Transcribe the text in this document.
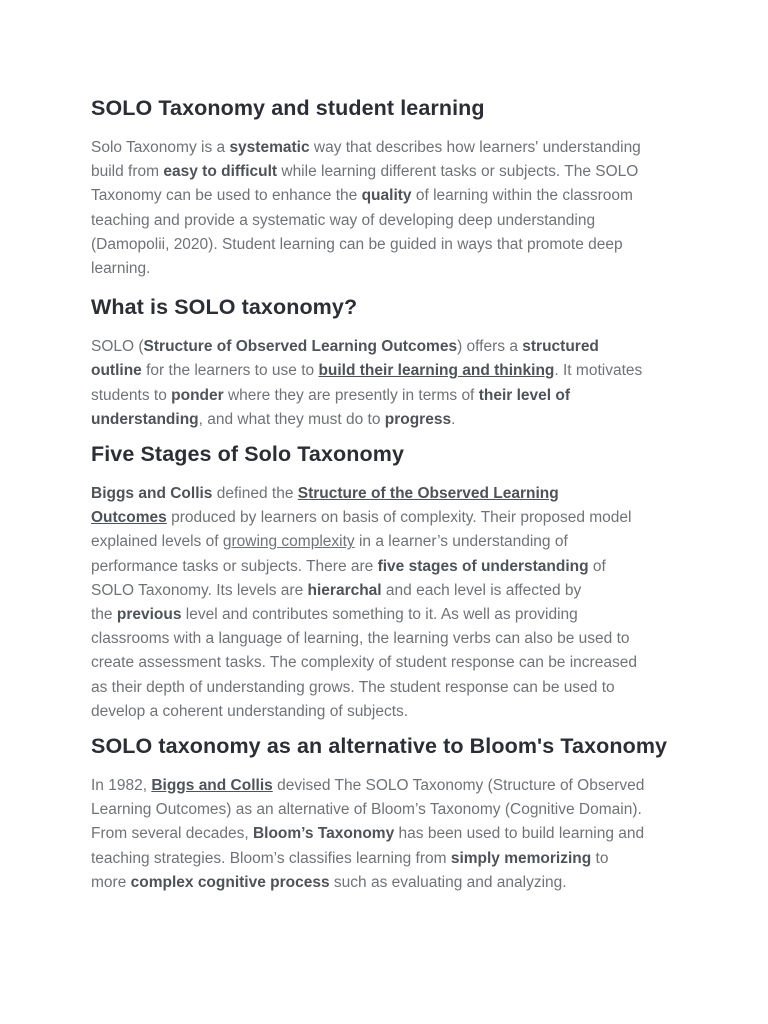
SOLO Taxonomy and student learning

Solo Taxonomy is a systematic way that describes how learners' understanding
build from easy to difficult while learning different tasks or subjects. The SOLO
Taxonomy can be used to enhance the quality of learning within the classroom
teaching and provide a systematic way of developing deep understanding
(Damopolii, 2020). Student learning can be guided in ways that promote deep
learning.

What is SOLO taxonomy?

SOLO (Structure of Observed Learning Outcomes) offers a structured
outline for the learners to use to build their learning and thinking. It motivates
students to ponder where they are presently in terms of their level of
understanding, and what they must do to progress.

Five Stages of Solo Taxonomy

Biggs and Collis defined the Structure of the Observed Learning
Outcomes produced by learners on basis of complexity. Their proposed model
explained levels of growing complexity in a learner’s understanding of
performance tasks or subjects. There are five stages of understanding of
SOLO Taxonomy. Its levels are hierarchal and each level is affected by
the previous level and contributes something to it. As well as providing
classrooms with a language of learning, the learning verbs can also be used to
create assessment tasks. The complexity of student response can be increased
as their depth of understanding grows. The student response can be used to
develop a coherent understanding of subjects.

SOLO taxonomy as an alternative to Bloom's Taxonomy

In 1982, Biggs and Collis devised The SOLO Taxonomy (Structure of Observed
Learning Outcomes) as an alternative of Bloom’s Taxonomy (Cognitive Domain).
From several decades, Bloom’s Taxonomy has been used to build learning and
teaching strategies. Bloom’s classifies learning from simply memorizing to
more complex cognitive process such as evaluating and analyzing.
